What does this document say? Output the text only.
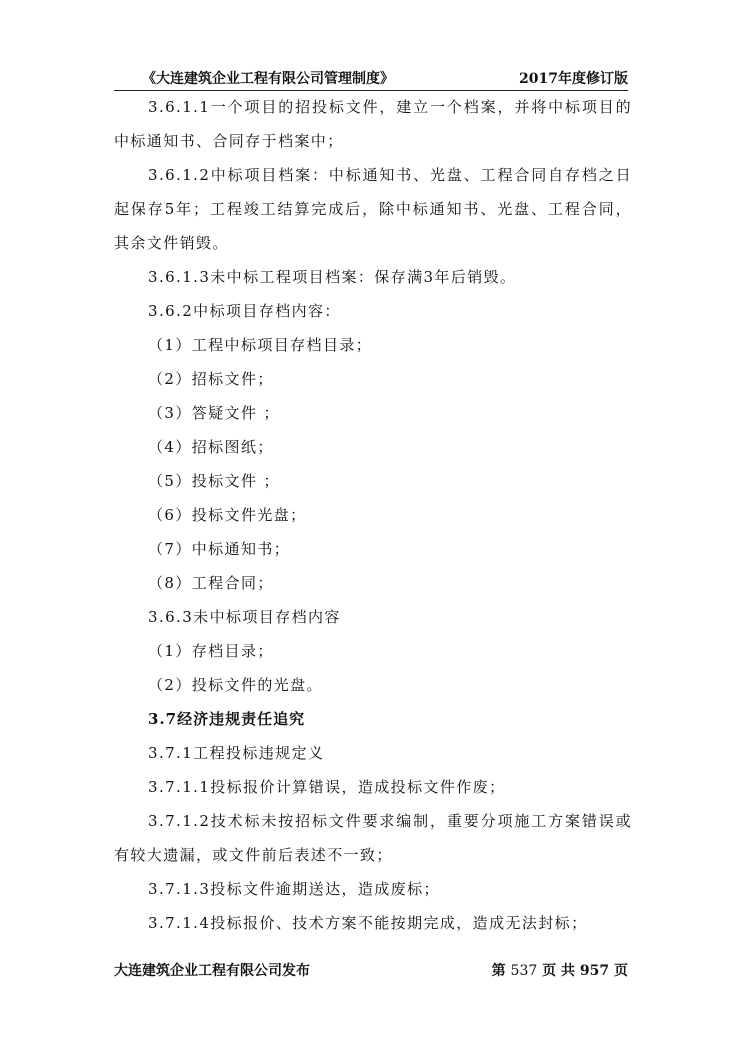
《大连建筑企业工程有限公司管理制度》	2017年度修订版

3.6.1.1一个项目的招投标文件，建立一个档案，并将中标项目的中标通知书、合同存于档案中；

3.6.1.2中标项目档案：中标通知书、光盘、工程合同自存档之日起保存5年；工程竣工结算完成后，除中标通知书、光盘、工程合同，其余文件销毁。

3.6.1.3未中标工程项目档案：保存满3年后销毁。

3.6.2中标项目存档内容：

（1）工程中标项目存档目录；

（2）招标文件；

（3）答疑文件 ；

（4）招标图纸；

（5）投标文件 ；

（6）投标文件光盘；

（7）中标通知书；

（8）工程合同；

3.6.3未中标项目存档内容

（1）存档目录；

（2）投标文件的光盘。

3.7经济违规责任追究

3.7.1工程投标违规定义

3.7.1.1投标报价计算错误，造成投标文件作废；

3.7.1.2技术标未按招标文件要求编制，重要分项施工方案错误或有较大遗漏，或文件前后表述不一致；

3.7.1.3投标文件逾期送达，造成废标；

3.7.1.4投标报价、技术方案不能按期完成，造成无法封标；

大连建筑企业工程有限公司发布	第 537 页 共 957 页
